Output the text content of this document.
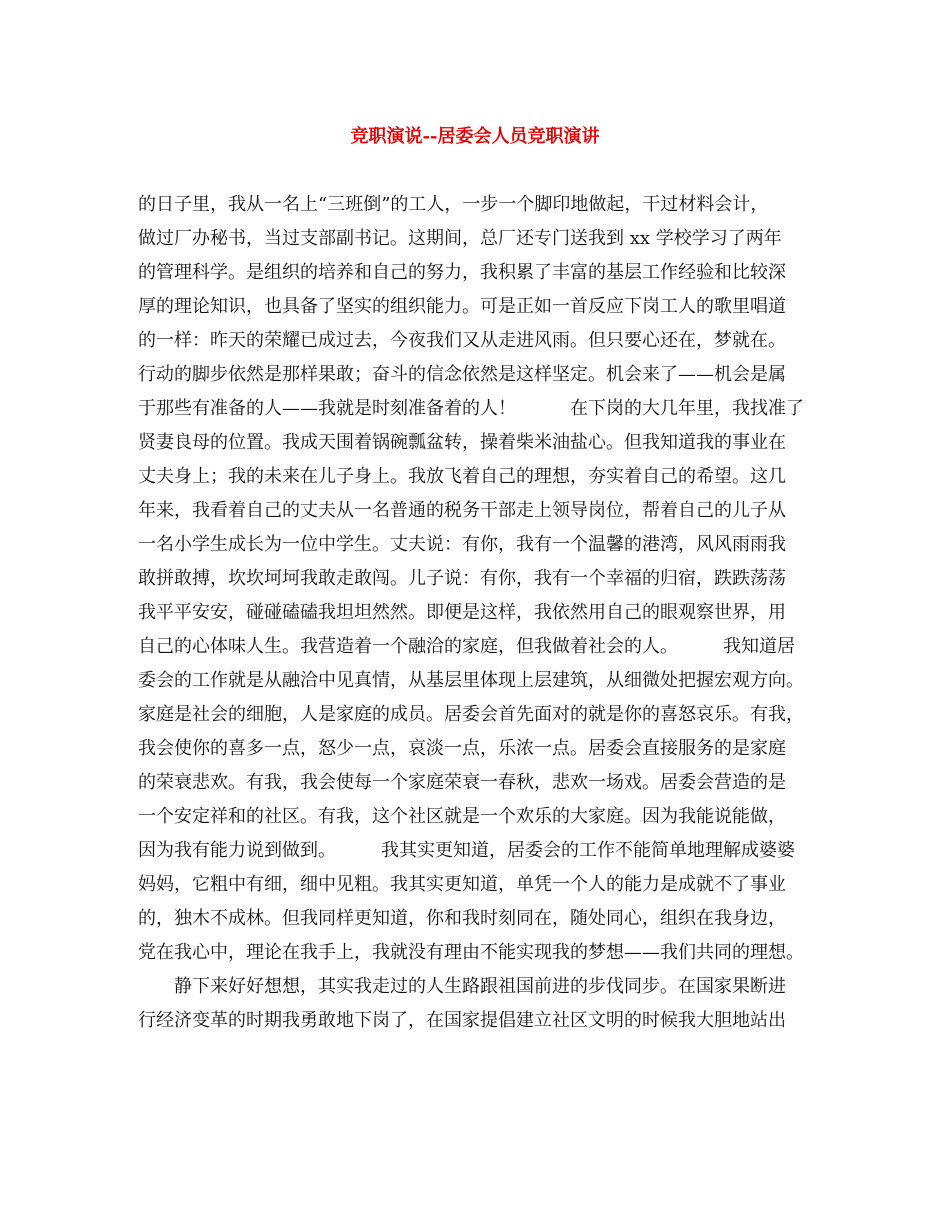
竞职演说--居委会人员竞职演讲
的日子里，我从一名上“三班倒”的工人，一步一个脚印地做起，干过材料会计，
做过厂办秘书，当过支部副书记。这期间，总厂还专门送我到 xx 学校学习了两年
的管理科学。是组织的培养和自己的努力，我积累了丰富的基层工作经验和比较深
厚的理论知识，也具备了坚实的组织能力。可是正如一首反应下岗工人的歌里唱道
的一样：昨天的荣耀已成过去，今夜我们又从走进风雨。但只要心还在，梦就在。
行动的脚步依然是那样果敢；奋斗的信念依然是这样坚定。机会来了——机会是属
于那些有准备的人——我就是时刻准备着的人！　　　在下岗的大几年里，我找准了
贤妻良母的位置。我成天围着锅碗瓢盆转，操着柴米油盐心。但我知道我的事业在
丈夫身上；我的未来在儿子身上。我放飞着自己的理想，夯实着自己的希望。这几
年来，我看着自己的丈夫从一名普通的税务干部走上领导岗位，帮着自己的儿子从
一名小学生成长为一位中学生。丈夫说：有你，我有一个温馨的港湾，风风雨雨我
敢拼敢搏，坎坎坷坷我敢走敢闯。儿子说：有你，我有一个幸福的归宿，跌跌荡荡
我平平安安，碰碰磕磕我坦坦然然。即便是这样，我依然用自己的眼观察世界，用
自己的心体味人生。我营造着一个融洽的家庭，但我做着社会的人。　　　我知道居
委会的工作就是从融洽中见真情，从基层里体现上层建筑，从细微处把握宏观方向。
家庭是社会的细胞，人是家庭的成员。居委会首先面对的就是你的喜怒哀乐。有我，
我会使你的喜多一点，怒少一点，哀淡一点，乐浓一点。居委会直接服务的是家庭
的荣衰悲欢。有我，我会使每一个家庭荣衰一春秋，悲欢一场戏。居委会营造的是
一个安定祥和的社区。有我，这个社区就是一个欢乐的大家庭。因为我能说能做，
因为我有能力说到做到。　　　我其实更知道，居委会的工作不能简单地理解成婆婆
妈妈，它粗中有细，细中见粗。我其实更知道，单凭一个人的能力是成就不了事业
的，独木不成林。但我同样更知道，你和我时刻同在，随处同心，组织在我身边，
党在我心中，理论在我手上，我就没有理由不能实现我的梦想——我们共同的理想。
　　静下来好好想想，其实我走过的人生路跟祖国前进的步伐同步。在国家果断进
行经济变革的时期我勇敢地下岗了，在国家提倡建立社区文明的时候我大胆地站出
